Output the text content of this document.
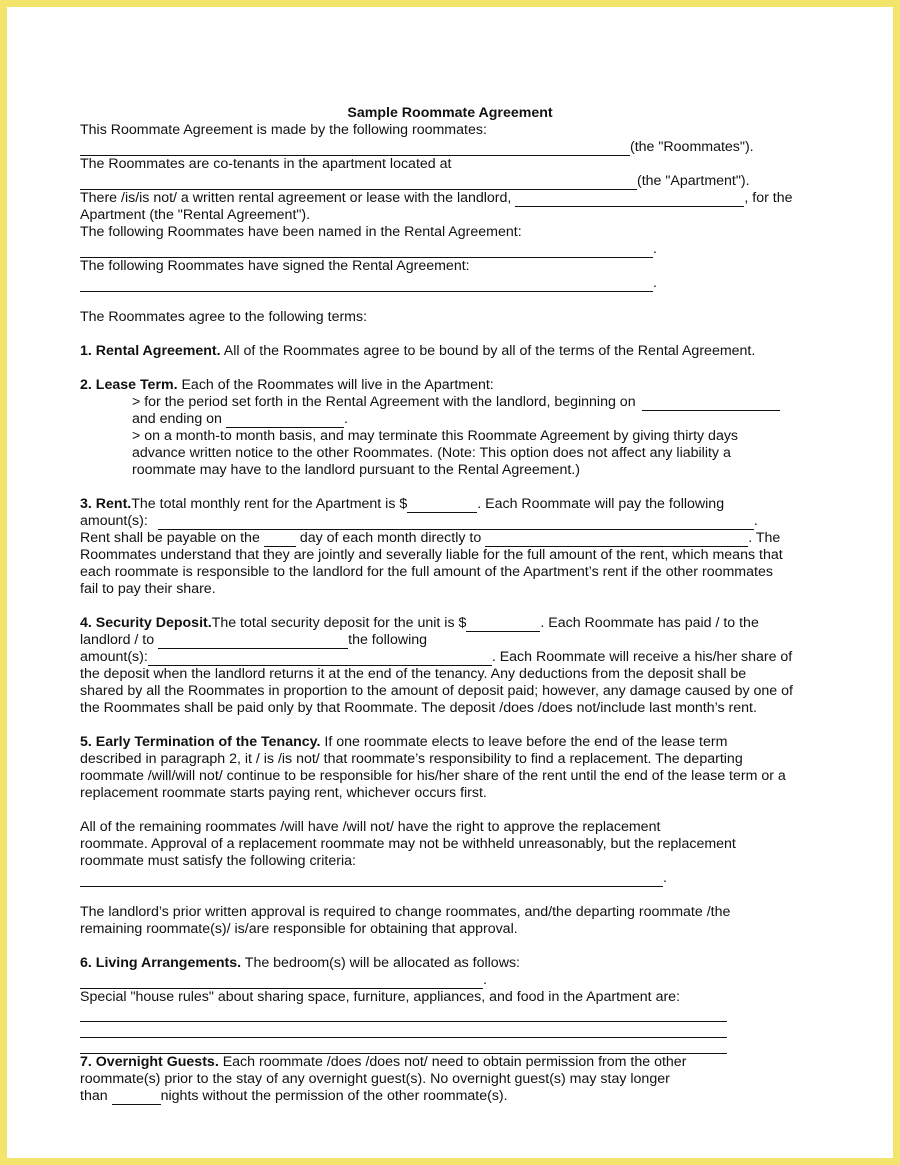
Sample Roommate Agreement
This Roommate Agreement is made by the following roommates:
(the "Roommates").
The Roommates are co-tenants in the apartment located at
(the "Apartment").
There /is/is not/ a written rental agreement or lease with the landlord,	, for the
Apartment (the "Rental Agreement").
The following Roommates have been named in the Rental Agreement:
.
The following Roommates have signed the Rental Agreement:
.
The Roommates agree to the following terms:
1. Rental Agreement. All of the Roommates agree to be bound by all of the terms of the Rental Agreement.
2. Lease Term. Each of the Roommates will live in the Apartment:
> for the period set forth in the Rental Agreement with the landlord, beginning on
and ending on	.
> on a month-to month basis, and may terminate this Roommate Agreement by giving thirty days
advance written notice to the other Roommates. (Note: This option does not affect any liability a
roommate may have to the landlord pursuant to the Rental Agreement.)
3. Rent. The total monthly rent for the Apartment is $	. Each Roommate will pay the following
amount(s):	.
Rent shall be payable on the	day of each month directly to	. The
Roommates understand that they are jointly and severally liable for the full amount of the rent, which means that
each roommate is responsible to the landlord for the full amount of the Apartment’s rent if the other roommates
fail to pay their share.
4. Security Deposit. The total security deposit for the unit is $	. Each Roommate has paid / to the
landlord / to	the following
amount(s):	. Each Roommate will receive a his/her share of
the deposit when the landlord returns it at the end of the tenancy. Any deductions from the deposit shall be
shared by all the Roommates in proportion to the amount of deposit paid; however, any damage caused by one of
the Roommates shall be paid only by that Roommate. The deposit /does /does not/include last month’s rent.
5. Early Termination of the Tenancy. If one roommate elects to leave before the end of the lease term
described in paragraph 2, it / is /is not/ that roommate’s responsibility to find a replacement. The departing
roommate /will/will not/ continue to be responsible for his/her share of the rent until the end of the lease term or a
replacement roommate starts paying rent, whichever occurs first.
All of the remaining roommates /will have /will not/ have the right to approve the replacement
roommate. Approval of a replacement roommate may not be withheld unreasonably, but the replacement
roommate must satisfy the following criteria:
.
The landlord’s prior written approval is required to change roommates, and/the departing roommate /the
remaining roommate(s)/ is/are responsible for obtaining that approval.
6. Living Arrangements. The bedroom(s) will be allocated as follows:
.
Special "house rules" about sharing space, furniture, appliances, and food in the Apartment are:
7. Overnight Guests. Each roommate /does /does not/ need to obtain permission from the other
roommate(s) prior to the stay of any overnight guest(s). No overnight guest(s) may stay longer
than	nights without the permission of the other roommate(s).
